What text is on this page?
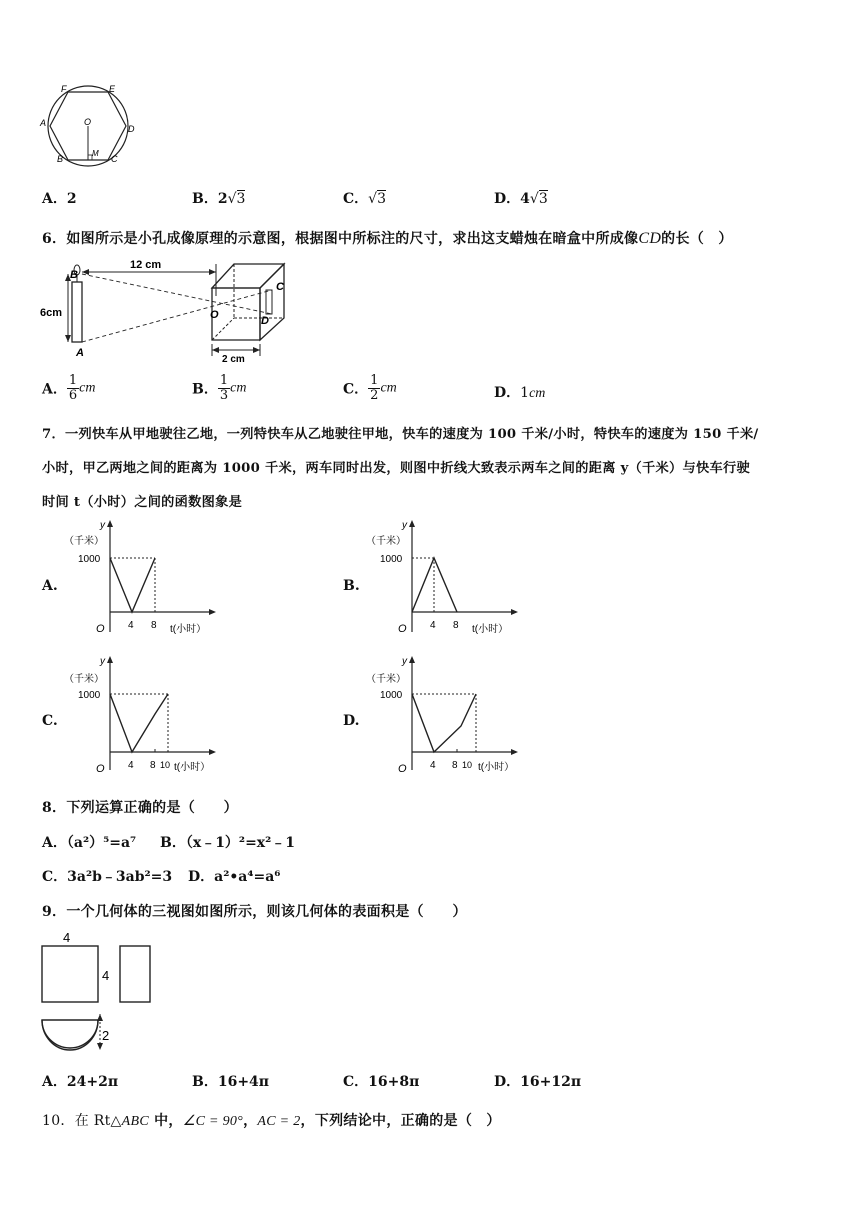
F	E
A	O
D
B
M
C
A．2	B．2√3	C．√3	D．4√3
6．如图所示是小孔成像原理的示意图，根据图中所标注的尺寸，求出这支蜡烛在暗盒中所成像CD的长（　）
6cm
12 cm
B
A
O
C
D
2 cm
A． $\frac{1}{6}$ cm	B． $\frac{1}{3}$ cm	C． $\frac{1}{2}$ cm	D．1cm
7．一列快车从甲地驶往乙地，一列特快车从乙地驶往甲地，快车的速度为 100 千米/小时，特快车的速度为 150 千米/
小时，甲乙两地之间的距离为 1000 千米，两车同时出发，则图中折线大致表示两车之间的距离 y（千米）与快车行驶
时间 t（小时）之间的函数图象是
A.	B.
C.	D.
y
（千米）
1000
O 4 8 t(小时）
y
（千米）
1000
O 4 8 t(小时）
y
（千米）
1000
O 4 8 10 t(小时）
y
（千米）
1000
O 4 8 10 t(小时）
8．下列运算正确的是（　　）
A．（a²）⁵=a⁷ B．（x﹣1）²=x²﹣1
C．3a²b﹣3ab²=3 D．a²•a⁴=a⁶
9．一个几何体的三视图如图所示，则该几何体的表面积是（　　）
4
4
2
A．24+2π	B．16+4π	C．16+8π	D．16+12π
10．在 Rt△ABC 中，∠C = 90°，AC = 2，下列结论中，正确的是（　）
